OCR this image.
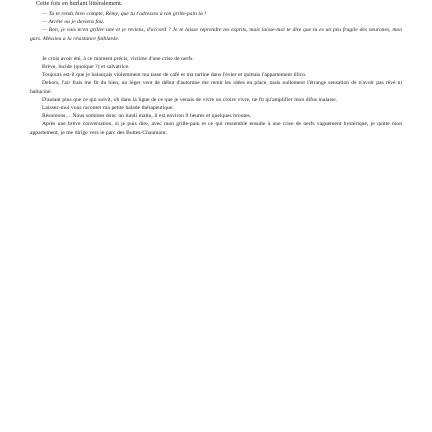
Cette fois en hurlant littéralement.

— Tu te rends bien compte, Rémy, que tu t'adresses à ton grille-pain là !

— Arrête ou je deviens fou.

— Bon, je vais m'en griller une et je reviens, d'accord ? Je te laisse reprendre tes esprits, mais laisse-moi te dire que tu es un peu fragile des neurones, mon gars. Méssieu a la résistance faiblarde.

Je crois avoir été, à ce moment précis, victime d'une crise de nerfs.

Brève, lucide (quoique ?) et salvatrice.

Toujours est-il que je balançais violemment ma tasse de café et ma tartine dans l'évier et quittais l'appartement illico.

Dehors, l'air frais me fit du bien, un léger vent de début d'automne me remit les idées en place, mais nullement l'étrange sensation de n'avoir pas rêvé ni halluciné.

D'autant plus que ce qui suivit, oh dans la ligne de ce que je venais de vivre ou croire vivre, ne fit qu'amplifier mon difus malaise.

Laissez-moi vous raconter ma petite balade thérapeutique.

Résumons… Nous sommes donc un lundi matin, il est environ 9 heures et quelques broutes.

Après une brève conversation, si je puis dire, avec mon grille-pain et ce qui ressemble ensuite à une crise de nerfs vaguement hystérique, je quitte mon appartement, je me dirige vers le parc des Buttes-Chaumont.
